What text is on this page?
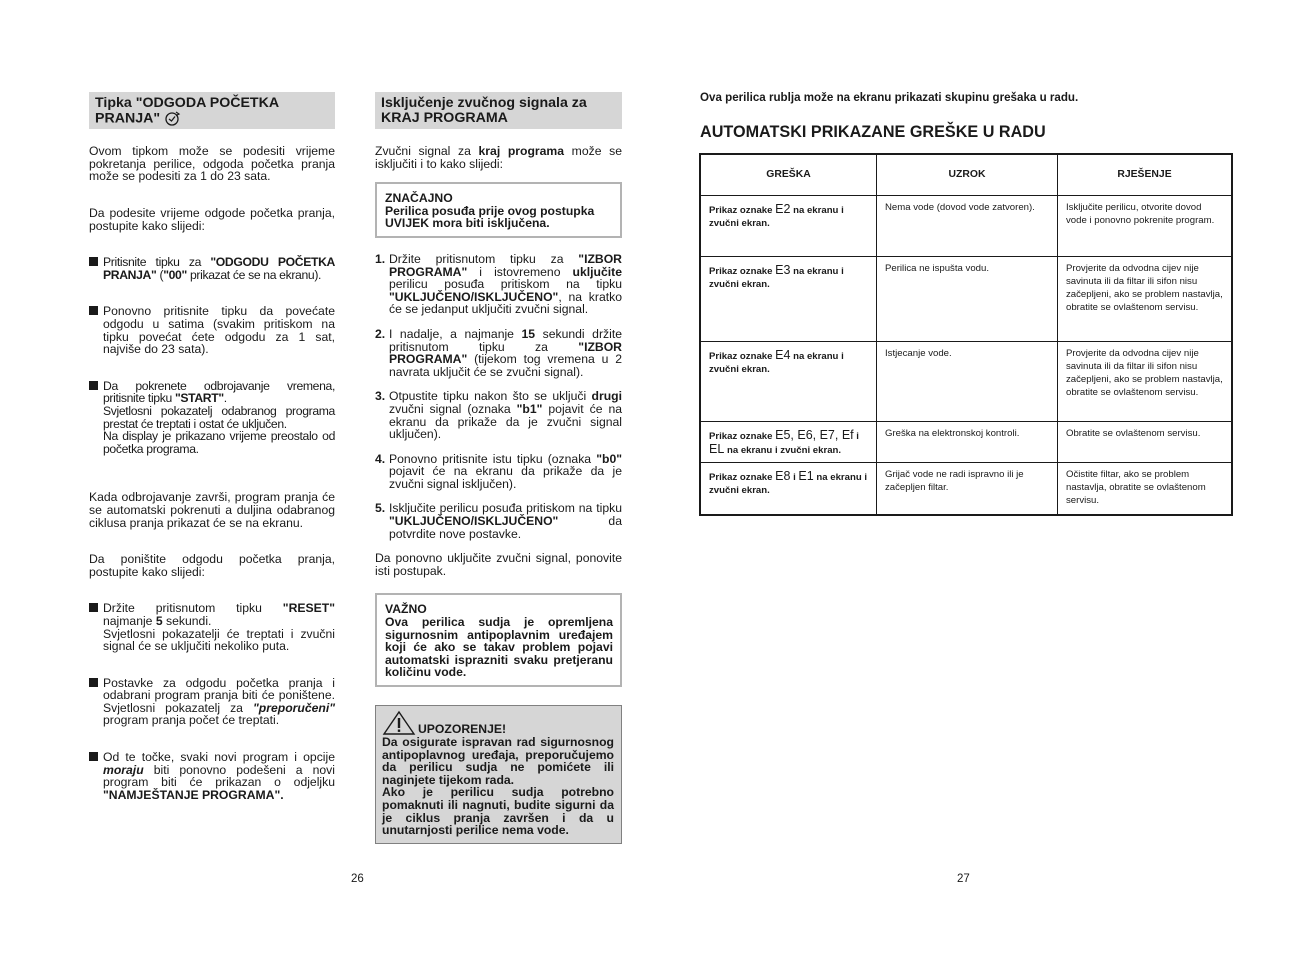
Tipka "ODGODA POČETKA PRANJA"

Ovom tipkom može se podesiti vrijeme pokretanja perilice, odgoda početka pranja može se podesiti za 1 do 23 sata.

Da podesite vrijeme odgode početka pranja, postupite kako slijedi:

Pritisnite tipku za "ODGODU POČETKA PRANJA" ("00" prikazat će se na ekranu).
Ponovno pritisnite tipku da povećate odgodu u satima (svakim pritiskom na tipku povećat ćete odgodu za 1 sat, najviše do 23 sata).
Da pokrenete odbrojavanje vremena, pritisnite tipku "START".
Svjetlosni pokazatelj odabranog programa prestat će treptati i ostat će uključen.
Na display je prikazano vrijeme preostalo od početka programa.

Kada odbrojavanje završi, program pranja će se automatski pokrenuti a duljina odabranog ciklusa pranja prikazat će se na ekranu.

Da poništite odgodu početka pranja, postupite kako slijedi:

Držite pritisnutom tipku "RESET" najmanje 5 sekundi.
Svjetlosni pokazatelji će treptati i zvučni signal će se uključiti nekoliko puta.
Postavke za odgodu početka pranja i odabrani program pranja biti će poništene. Svjetlosni pokazatelj za "preporučeni" program pranja počet će treptati.
Od te točke, svaki novi program i opcije moraju biti ponovno podešeni a novi program biti će prikazan o odjeljku "NAMJEŠTANJE PROGRAMA".
26
Isključenje zvučnog signala za KRAJ PROGRAMA

Zvučni signal za kraj programa može se isključiti i to kako slijedi:

ZNAČAJNO
Perilica posuđa prije ovog postupka UVIJEK mora biti isključena.
1. Držite pritisnutom tipku za "IZBOR PROGRAMA" i istovremeno uključite perilicu posuđa pritiskom na tipku "UKLJUČENO/ISKLJUČENO", na kratko će se jedanput uključiti zvučni signal.
2. I nadalje, a najmanje 15 sekundi držite pritisnutom tipku za "IZBOR PROGRAMA" (tijekom tog vremena u 2 navrata uključit će se zvučni signal).
3. Otpustite tipku nakon što se uključi drugi zvučni signal (oznaka "b1" pojavit će na ekranu da prikaže da je zvučni signal uključen).
4. Ponovno pritisnite istu tipku (oznaka "b0" pojavit će na ekranu da prikaže da je zvučni signal isključen).
5. Isključite perilicu posuđa pritiskom na tipku "UKLJUČENO/ISKLJUČENO" da potvrdite nove postavke.

Da ponovno uključite zvučni signal, ponovite isti postupak.

VAŽNO
Ova perilica sudja je opremljena sigurnosnim antipoplavnim uređajem koji će ako se takav problem pojavi automatski isprazniti svaku pretjeranu količinu vode.
UPOZORENJE!
Da osigurate ispravan rad sigurnosnog antipoplavnog uređaja, preporučujemo da perilicu sudja ne pomićete ili naginjete tijekom rada.
Ako je perilicu sudja potrebno pomaknuti ili nagnuti, budite sigurni da je ciklus pranja završen i da u unutarnjosti perilice nema vode.
Ova perilica rublja može na ekranu prikazati skupinu grešaka u radu.
AUTOMATSKI PRIKAZANE GREŠKE U RADU
GREŠKA	UZROK	RJEŠENJE
Prikaz oznake E2 na ekranu i zvučni ekran.	Nema vode (dovod vode zatvoren).	Isključite perilicu, otvorite dovod vode i ponovno pokrenite program.
Prikaz oznake E3 na ekranu i zvučni ekran.	Perilica ne ispušta vodu.	Provjerite da odvodna cijev nije savinuta ili da filtar ili sifon nisu začepljeni, ako se problem nastavlja, obratite se ovlaštenom servisu.
Prikaz oznake E4 na ekranu i zvučni ekran.	Istjecanje vode.	Provjerite da odvodna cijev nije savinuta ili da filtar ili sifon nisu začepljeni, ako se problem nastavlja, obratite se ovlaštenom servisu.
Prikaz oznake E5, E6, E7, Ef i EL na ekranu i zvučni ekran.	Greška na elektronskoj kontroli.	Obratite se ovlaštenom servisu.
Prikaz oznake E8 i E1 na ekranu i zvučni ekran.	Grijač vode ne radi ispravno ili je začepljen filtar.	Očistite filtar, ako se problem nastavlja, obratite se ovlaštenom servisu.
27
